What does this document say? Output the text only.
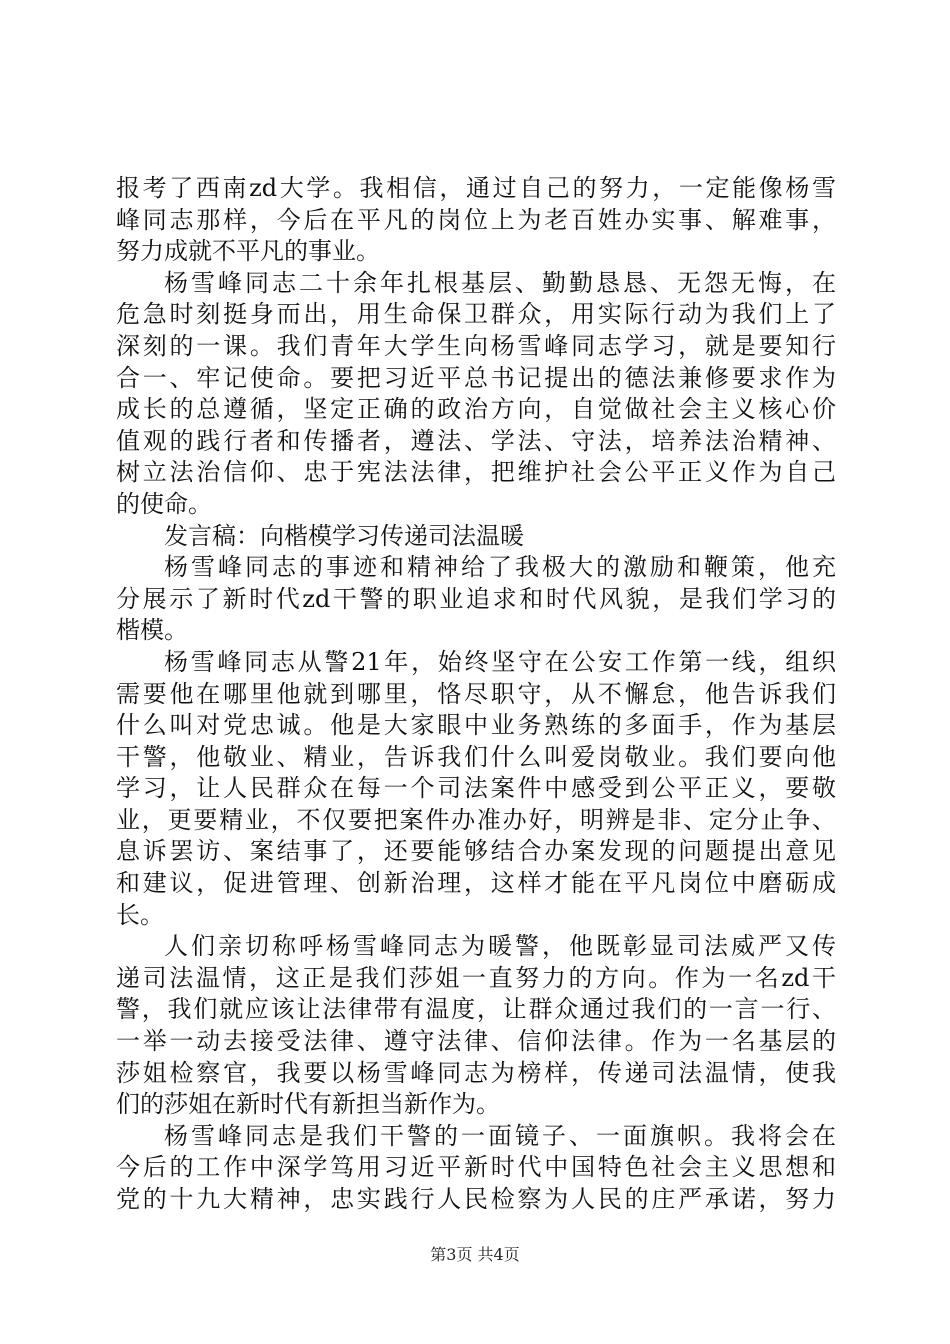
报考了西南zd大学。我相信，通过自己的努力，一定能像杨雪
峰同志那样，今后在平凡的岗位上为老百姓办实事、解难事，
努力成就不平凡的事业。
杨雪峰同志二十余年扎根基层、勤勤恳恳、无怨无悔，在
危急时刻挺身而出，用生命保卫群众，用实际行动为我们上了
深刻的一课。我们青年大学生向杨雪峰同志学习，就是要知行
合一、牢记使命。要把习近平总书记提出的德法兼修要求作为
成长的总遵循，坚定正确的政治方向，自觉做社会主义核心价
值观的践行者和传播者，遵法、学法、守法，培养法治精神、
树立法治信仰、忠于宪法法律，把维护社会公平正义作为自己
的使命。
发言稿：向楷模学习传递司法温暖
杨雪峰同志的事迹和精神给了我极大的激励和鞭策，他充
分展示了新时代zd干警的职业追求和时代风貌，是我们学习的
楷模。
杨雪峰同志从警21年，始终坚守在公安工作第一线，组织
需要他在哪里他就到哪里，恪尽职守，从不懈怠，他告诉我们
什么叫对党忠诚。他是大家眼中业务熟练的多面手，作为基层
干警，他敬业、精业，告诉我们什么叫爱岗敬业。我们要向他
学习，让人民群众在每一个司法案件中感受到公平正义，要敬
业，更要精业，不仅要把案件办准办好，明辨是非、定分止争、
息诉罢访、案结事了，还要能够结合办案发现的问题提出意见
和建议，促进管理、创新治理，这样才能在平凡岗位中磨砺成
长。
人们亲切称呼杨雪峰同志为暖警，他既彰显司法威严又传
递司法温情，这正是我们莎姐一直努力的方向。作为一名zd干
警，我们就应该让法律带有温度，让群众通过我们的一言一行、
一举一动去接受法律、遵守法律、信仰法律。作为一名基层的
莎姐检察官，我要以杨雪峰同志为榜样，传递司法温情，使我
们的莎姐在新时代有新担当新作为。
杨雪峰同志是我们干警的一面镜子、一面旗帜。我将会在
今后的工作中深学笃用习近平新时代中国特色社会主义思想和
党的十九大精神，忠实践行人民检察为人民的庄严承诺，努力
第3页 共4页
